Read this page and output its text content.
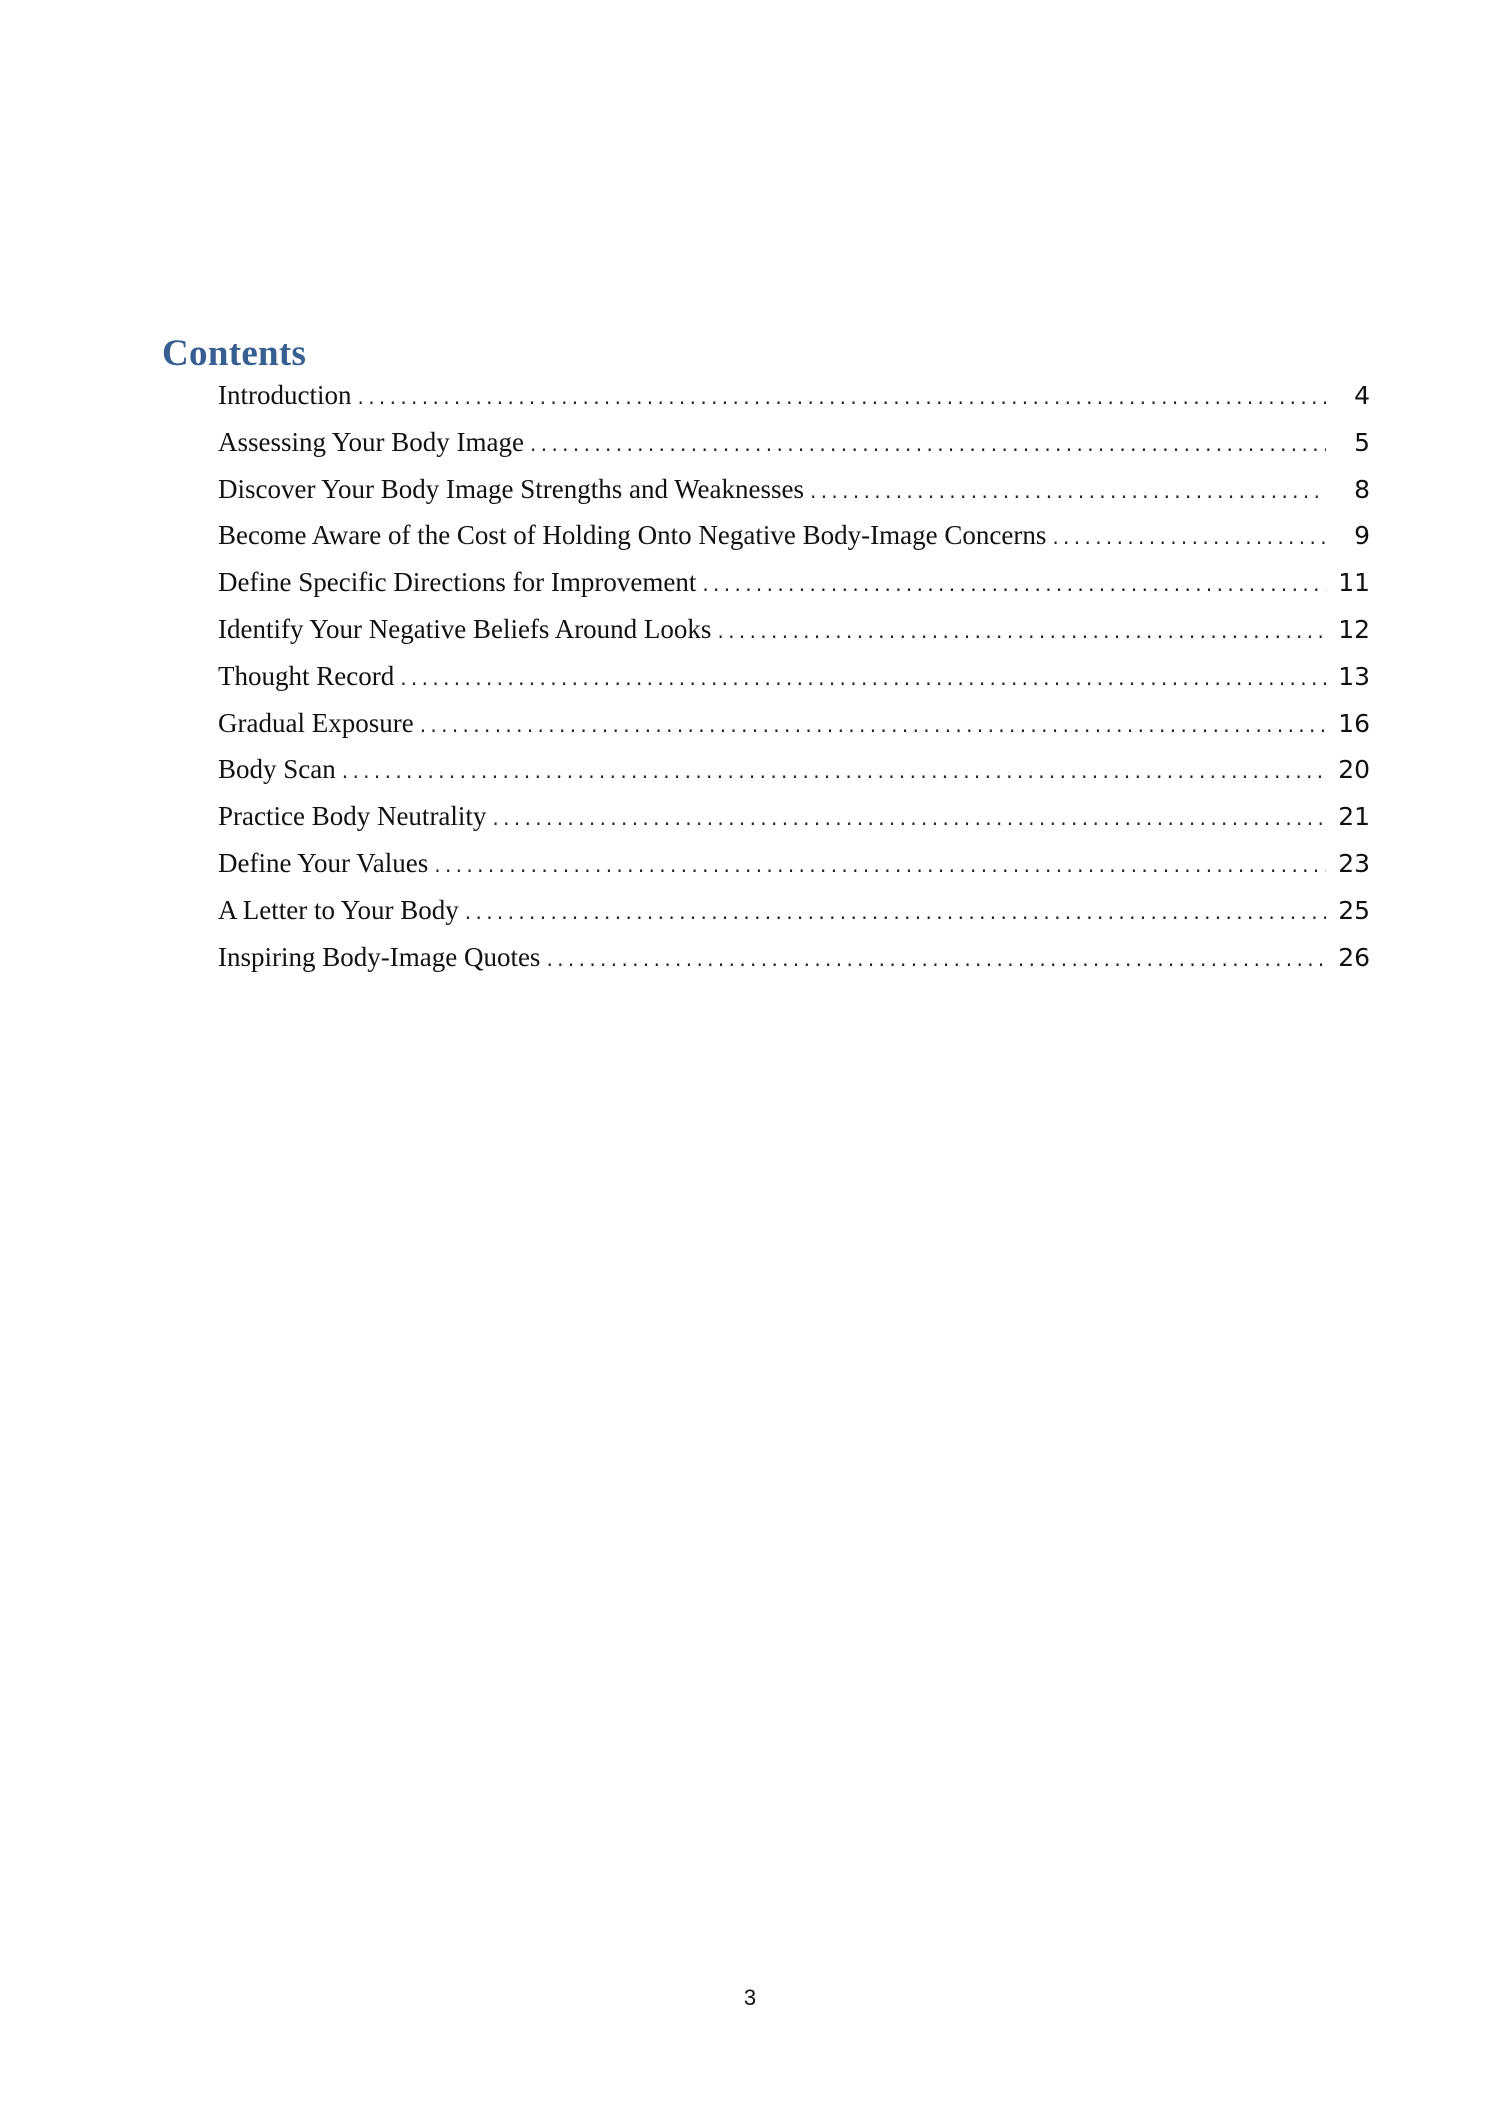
Contents
Introduction . . .	4
Assessing Your Body Image . . .	5
Discover Your Body Image Strengths and Weaknesses . . .	8
Become Aware of the Cost of Holding Onto Negative Body-Image Concerns . . .	9
Define Specific Directions for Improvement . . .	11
Identify Your Negative Beliefs Around Looks . . .	12
Thought Record . . .	13
Gradual Exposure . . .	16
Body Scan . . .	20
Practice Body Neutrality . . .	21
Define Your Values . . .	23
A Letter to Your Body . . .	25
Inspiring Body-Image Quotes . . .	26
3
